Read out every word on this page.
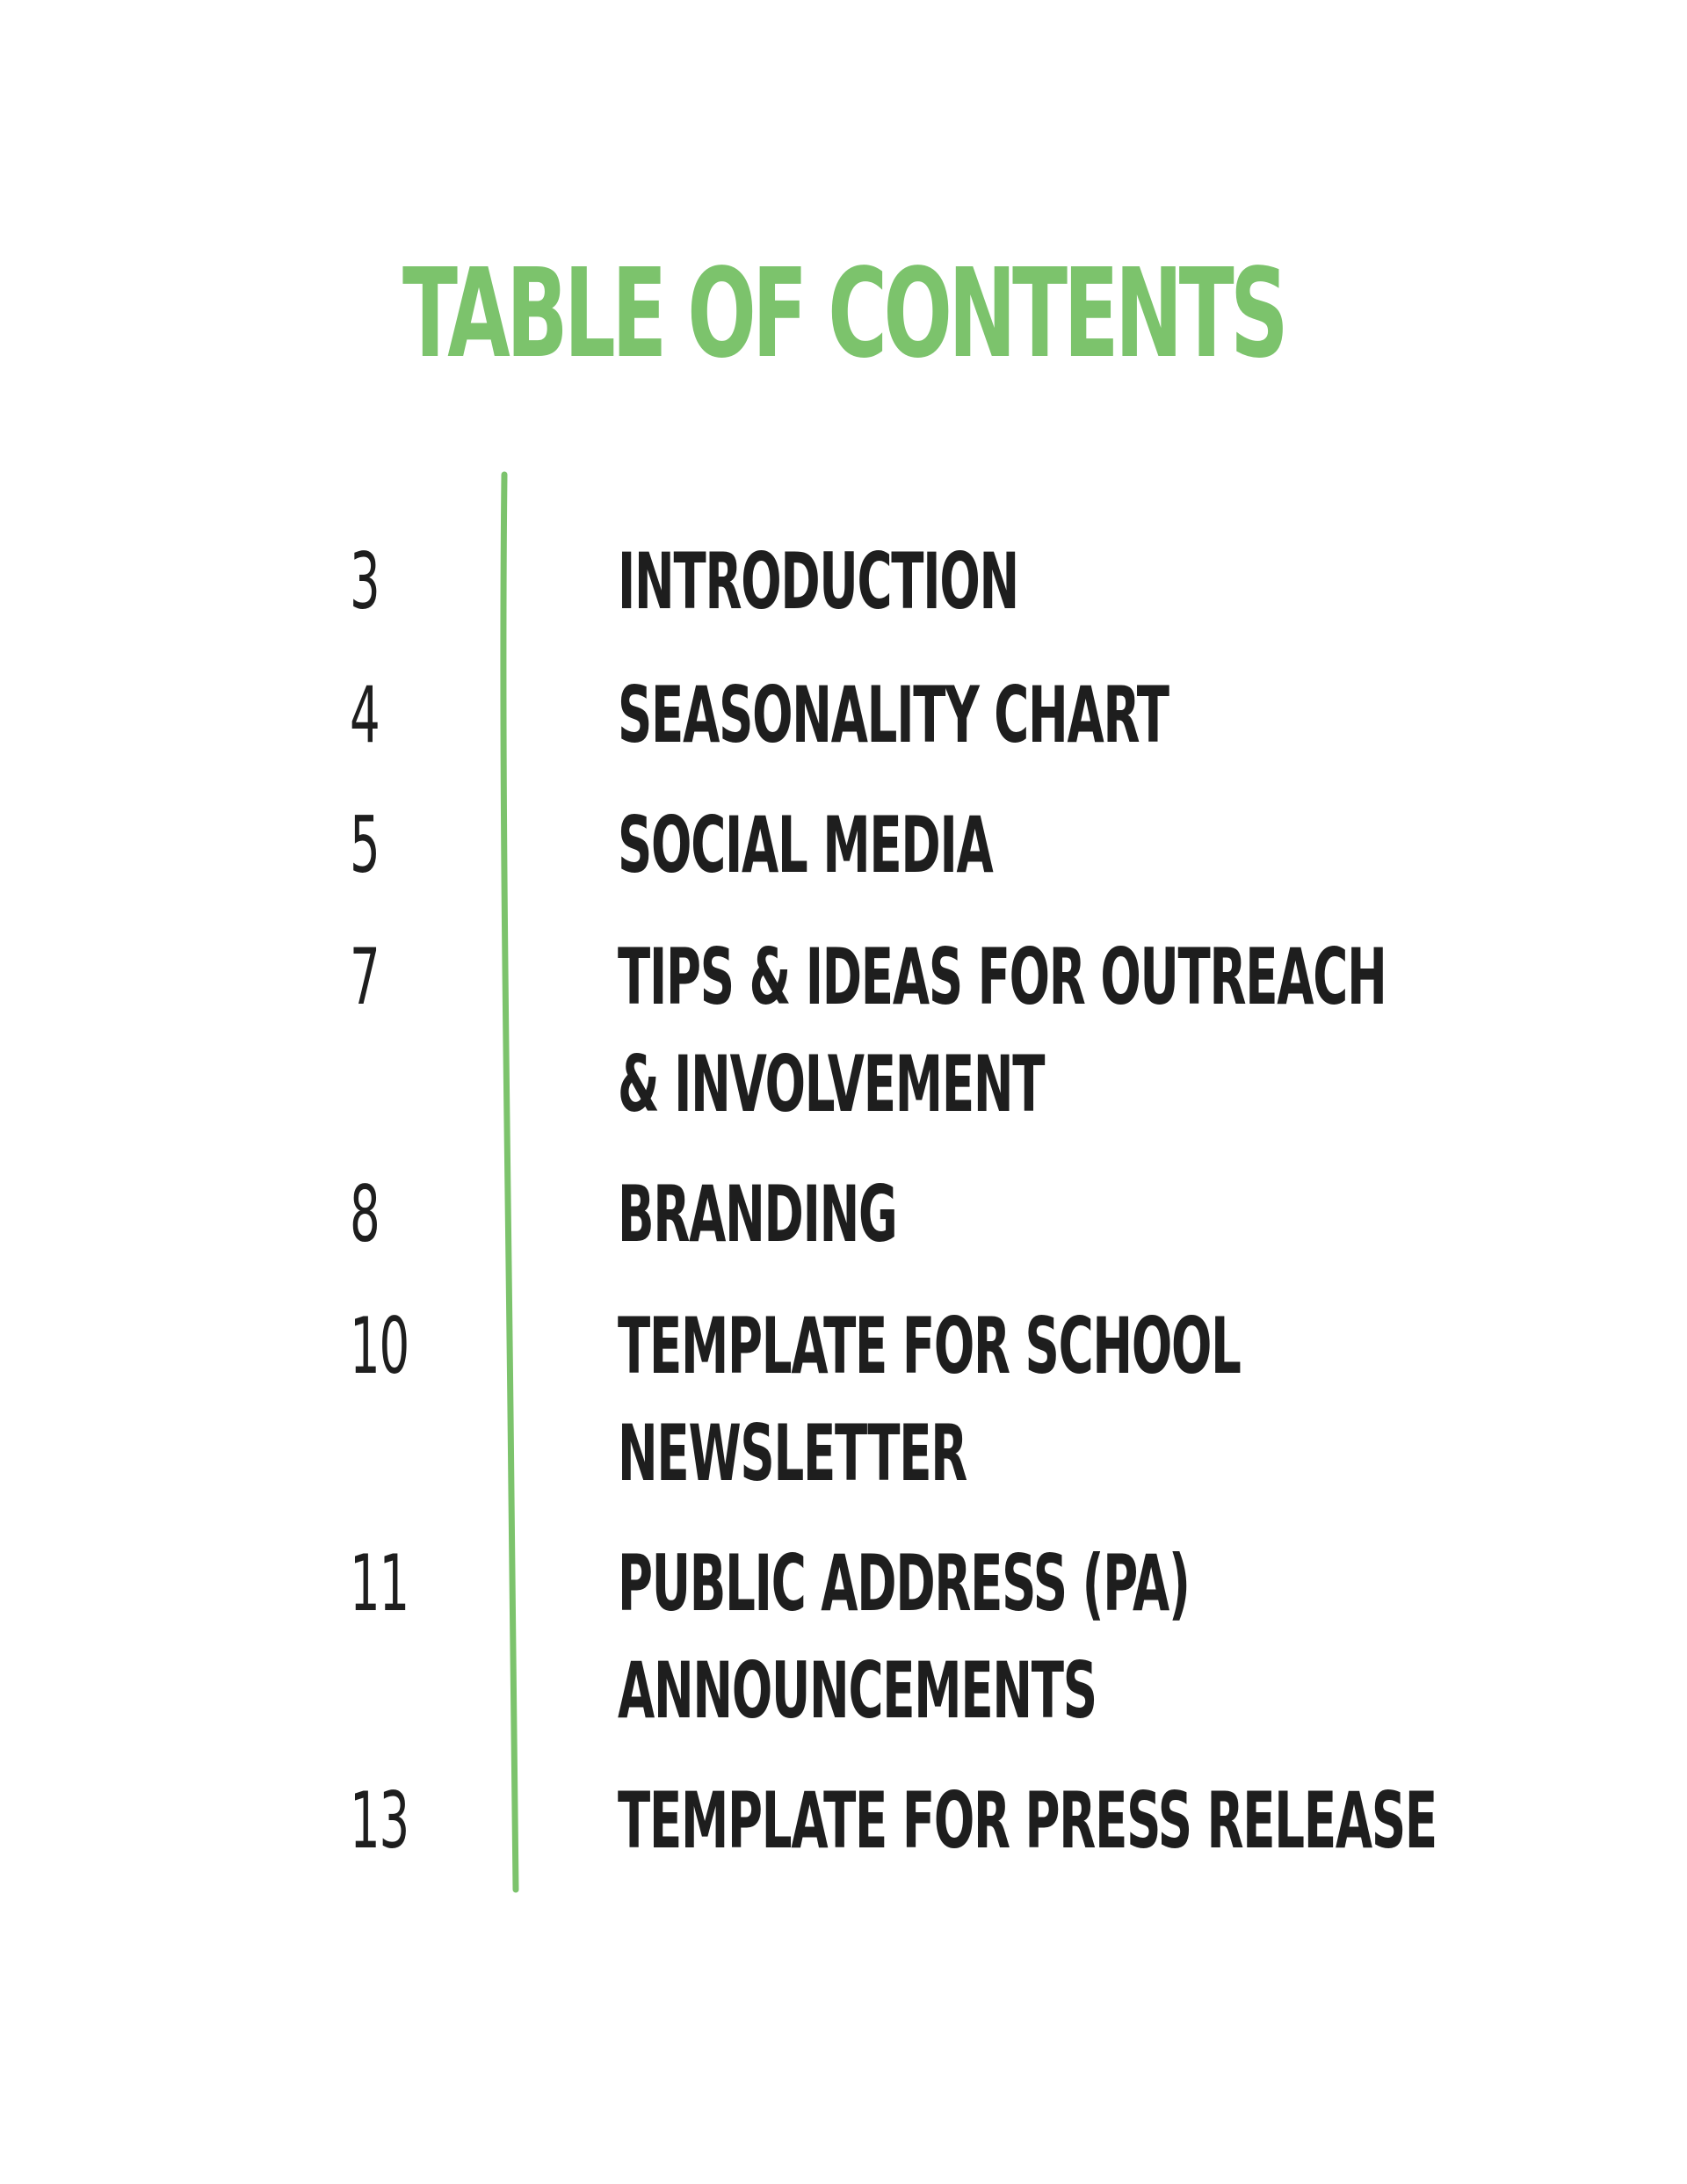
TABLE OF CONTENTS
3	INTRODUCTION
4	SEASONALITY CHART
5	SOCIAL MEDIA
7	TIPS & IDEAS FOR OUTREACH
& INVOLVEMENT
8	BRANDING
10	TEMPLATE FOR SCHOOL
NEWSLETTER
11	PUBLIC ADDRESS (PA)
ANNOUNCEMENTS
13	TEMPLATE FOR PRESS RELEASE
